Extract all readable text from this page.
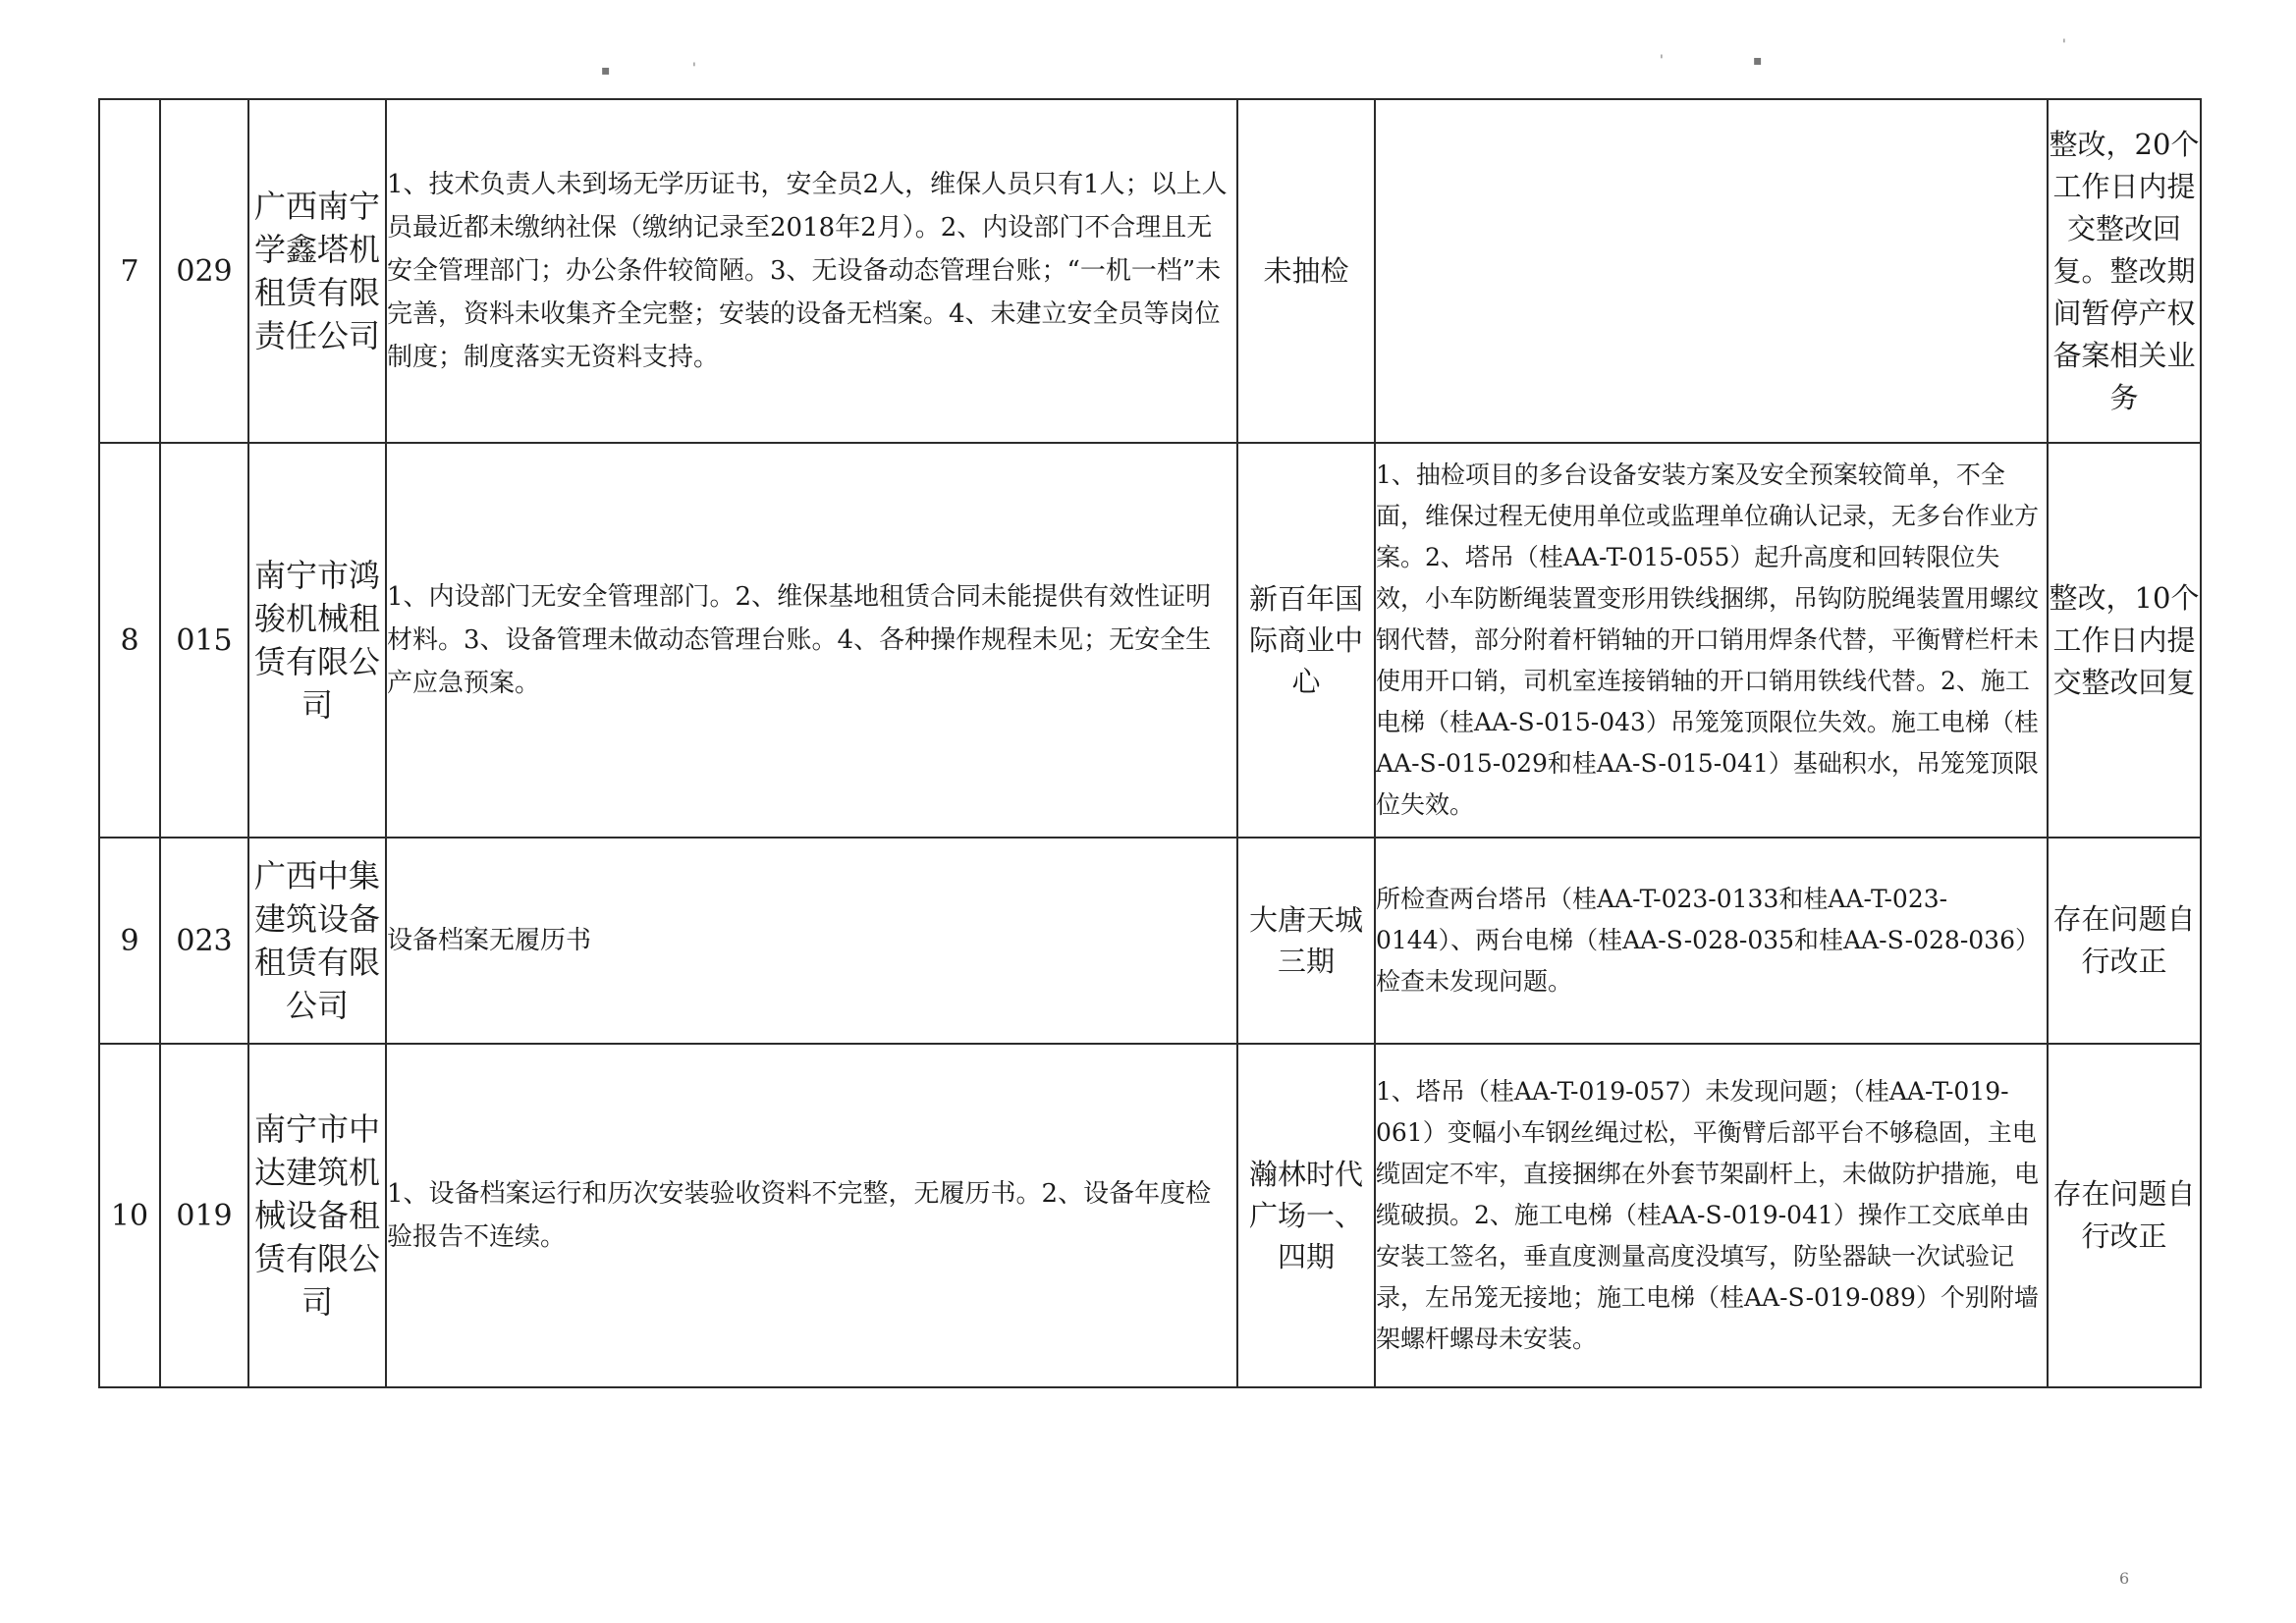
▪	'	'	▪
'
7	029	广西南宁学鑫塔机租赁有限责任公司	1、技术负责人未到场无学历证书，安全员2人，维保人员只有1人；以上人员最近都未缴纳社保（缴纳记录至2018年2月）。2、内设部门不合理且无安全管理部门；办公条件较简陋。3、无设备动态管理台账；“一机一档”未完善，资料未收集齐全完整；安装的设备无档案。4、未建立安全员等岗位制度；制度落实无资料支持。	未抽检		整改，20个工作日内提交整改回复。整改期间暂停产权备案相关业务
8	015	南宁市鸿骏机械租赁有限公司	1、内设部门无安全管理部门。2、维保基地租赁合同未能提供有效性证明材料。3、设备管理未做动态管理台账。4、各种操作规程未见；无安全生产应急预案。	新百年国际商业中心	1、抽检项目的多台设备安装方案及安全预案较简单，不全面，维保过程无使用单位或监理单位确认记录，无多台作业方案。2、塔吊（桂AA-T-015-055）起升高度和回转限位失效，小车防断绳装置变形用铁线捆绑，吊钩防脱绳装置用螺纹钢代替，部分附着杆销轴的开口销用焊条代替，平衡臂栏杆未使用开口销，司机室连接销轴的开口销用铁线代替。2、施工电梯（桂AA-S-015-043）吊笼笼顶限位失效。施工电梯（桂AA-S-015-029和桂AA-S-015-041）基础积水，吊笼笼顶限位失效。	整改，10个工作日内提交整改回复
9	023	广西中集建筑设备租赁有限公司	设备档案无履历书	大唐天城三期	所检查两台塔吊（桂AA-T-023-0133和桂AA-T-023-0144）、两台电梯（桂AA-S-028-035和桂AA-S-028-036）检查未发现问题。	存在问题自行改正
10	019	南宁市中达建筑机械设备租赁有限公司	1、设备档案运行和历次安装验收资料不完整，无履历书。2、设备年度检验报告不连续。	瀚林时代广场一、四期	1、塔吊（桂AA-T-019-057）未发现问题；（桂AA-T-019-061）变幅小车钢丝绳过松，平衡臂后部平台不够稳固，主电缆固定不牢，直接捆绑在外套节架副杆上，未做防护措施，电缆破损。2、施工电梯（桂AA-S-019-041）操作工交底单由安装工签名，垂直度测量高度没填写，防坠器缺一次试验记录，左吊笼无接地；施工电梯（桂AA-S-019-089）个别附墙架螺杆螺母未安装。	存在问题自行改正
6
